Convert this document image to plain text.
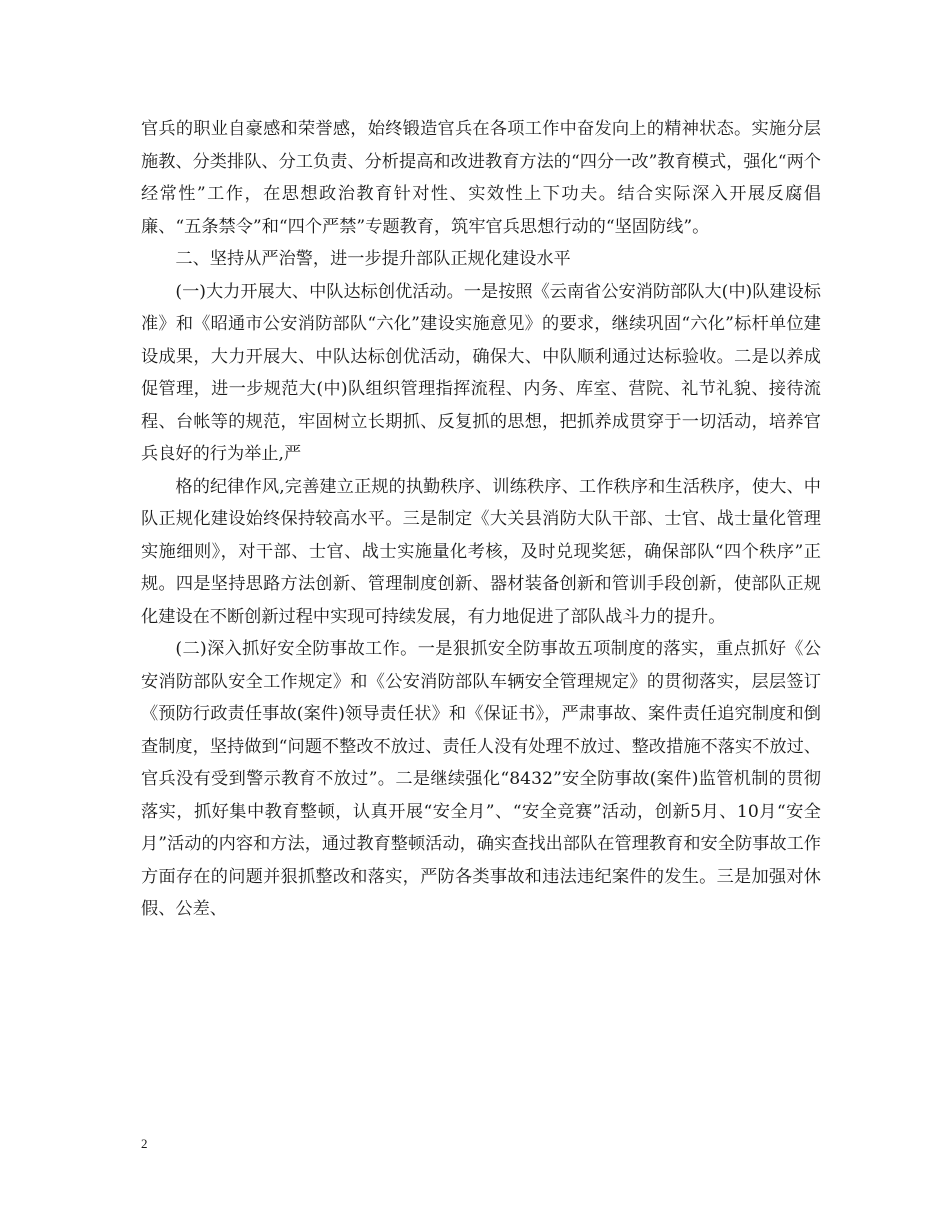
官兵的职业自豪感和荣誉感，始终锻造官兵在各项工作中奋发向上的精神状态。实施分层施教、分类排队、分工负责、分析提高和改进教育方法的“四分一改”教育模式，强化“两个经常性”工作，在思想政治教育针对性、实效性上下功夫。结合实际深入开展反腐倡廉、“五条禁令”和“四个严禁”专题教育，筑牢官兵思想行动的“坚固防线”。

二、坚持从严治警，进一步提升部队正规化建设水平

(一)大力开展大、中队达标创优活动。一是按照《云南省公安消防部队大(中)队建设标准》和《昭通市公安消防部队“六化”建设实施意见》的要求，继续巩固“六化”标杆单位建设成果，大力开展大、中队达标创优活动，确保大、中队顺利通过达标验收。二是以养成促管理，进一步规范大(中)队组织管理指挥流程、内务、库室、营院、礼节礼貌、接待流程、台帐等的规范，牢固树立长期抓、反复抓的思想，把抓养成贯穿于一切活动，培养官兵良好的行为举止,严

格的纪律作风,完善建立正规的执勤秩序、训练秩序、工作秩序和生活秩序，使大、中队正规化建设始终保持较高水平。三是制定《大关县消防大队干部、士官、战士量化管理实施细则》，对干部、士官、战士实施量化考核，及时兑现奖惩，确保部队“四个秩序”正规。四是坚持思路方法创新、管理制度创新、器材装备创新和管训手段创新，使部队正规化建设在不断创新过程中实现可持续发展，有力地促进了部队战斗力的提升。

(二)深入抓好安全防事故工作。一是狠抓安全防事故五项制度的落实，重点抓好《公安消防部队安全工作规定》和《公安消防部队车辆安全管理规定》的贯彻落实，层层签订《预防行政责任事故(案件)领导责任状》和《保证书》，严肃事故、案件责任追究制度和倒查制度，坚持做到“问题不整改不放过、责任人没有处理不放过、整改措施不落实不放过、官兵没有受到警示教育不放过”。二是继续强化“8432”安全防事故(案件)监管机制的贯彻落实，抓好集中教育整顿，认真开展“安全月”、“安全竞赛”活动，创新5月、10月“安全月”活动的内容和方法，通过教育整顿活动，确实查找出部队在管理教育和安全防事故工作方面存在的问题并狠抓整改和落实，严防各类事故和违法违纪案件的发生。三是加强对休假、公差、

2
